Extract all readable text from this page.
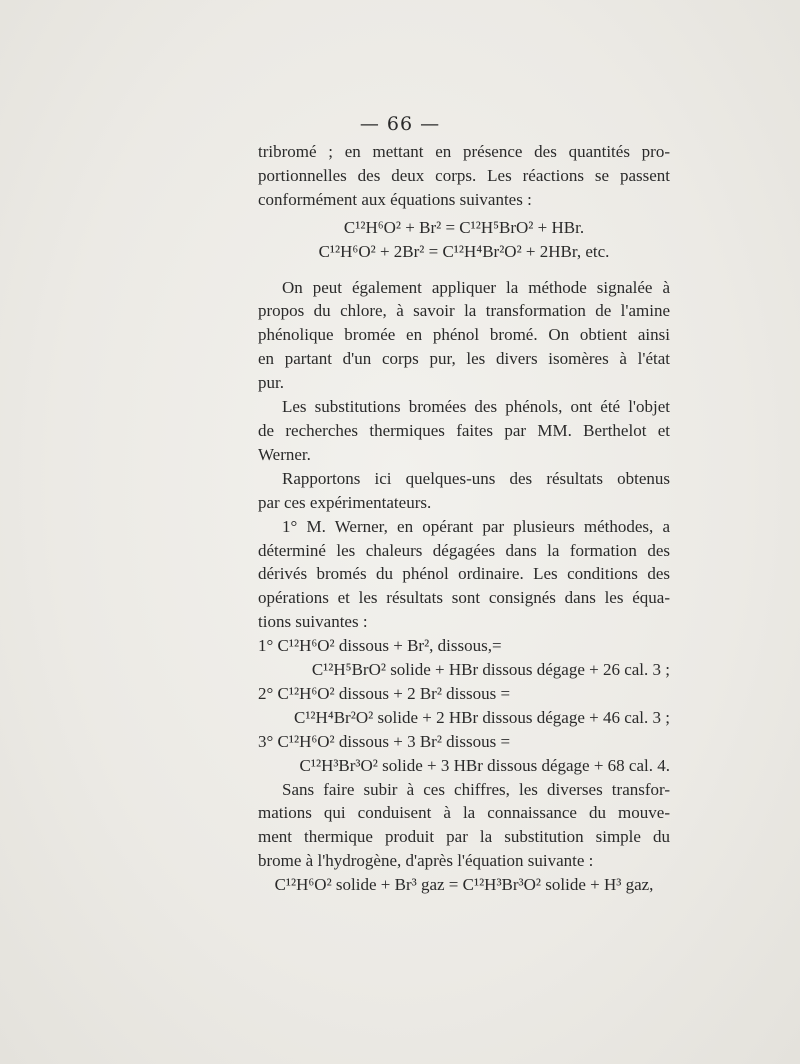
— 66 —
tribromé ; en mettant en présence des quantités pro-
portionnelles des deux corps. Les réactions se passent
conformément aux équations suivantes :
C¹²H⁶O² + Br² = C¹²H⁵BrO² + HBr.
C¹²H⁶O² + 2Br² = C¹²H⁴Br²O² + 2HBr, etc.
On peut également appliquer la méthode signalée à
propos du chlore, à savoir la transformation de l'amine
phénolique bromée en phénol bromé. On obtient ainsi
en partant d'un corps pur, les divers isomères à l'état
pur.
Les substitutions bromées des phénols, ont été l'objet
de recherches thermiques faites par MM. Berthelot et
Werner.
Rapportons ici quelques-uns des résultats obtenus
par ces expérimentateurs.
1° M. Werner, en opérant par plusieurs méthodes, a
déterminé les chaleurs dégagées dans la formation des
dérivés bromés du phénol ordinaire. Les conditions des
opérations et les résultats sont consignés dans les équa-
tions suivantes :
1° C¹²H⁶O² dissous + Br², dissous,=
C¹²H⁵BrO² solide + HBr dissous dégage + 26 cal. 3 ;
2° C¹²H⁶O² dissous + 2 Br² dissous =
C¹²H⁴Br²O² solide + 2 HBr dissous dégage + 46 cal. 3 ;
3° C¹²H⁶O² dissous + 3 Br² dissous =
C¹²H³Br³O² solide + 3 HBr dissous dégage + 68 cal. 4.
Sans faire subir à ces chiffres, les diverses transfor-
mations qui conduisent à la connaissance du mouve-
ment thermique produit par la substitution simple du
brome à l'hydrogène, d'après l'équation suivante :
C¹²H⁶O² solide + Br³ gaz = C¹²H³Br³O² solide + H³ gaz,
